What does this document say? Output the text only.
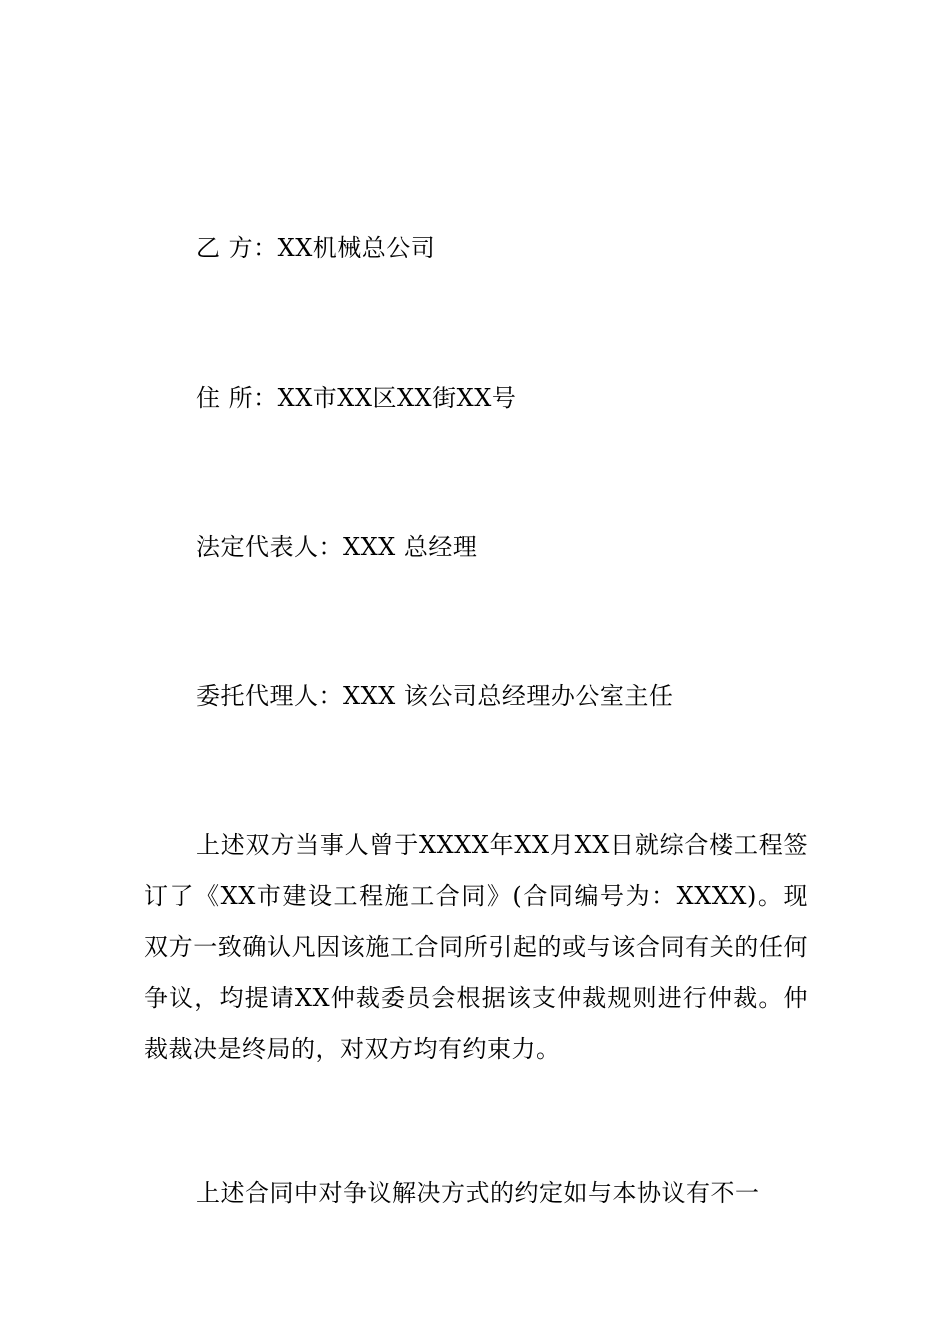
乙 方：XX机械总公司
住 所：XX市XX区XX街XX号
法定代表人：XXX 总经理
委托代理人：XXX 该公司总经理办公室主任
上述双方当事人曾于XXXX年XX月XX日就综合楼工程签订了《XX市建设工程施工合同》(合同编号为：XXXX)。现双方一致确认凡因该施工合同所引起的或与该合同有关的任何争议，均提请XX仲裁委员会根据该支仲裁规则进行仲裁。仲裁裁决是终局的，对双方均有约束力。
上述合同中对争议解决方式的约定如与本协议有不一
